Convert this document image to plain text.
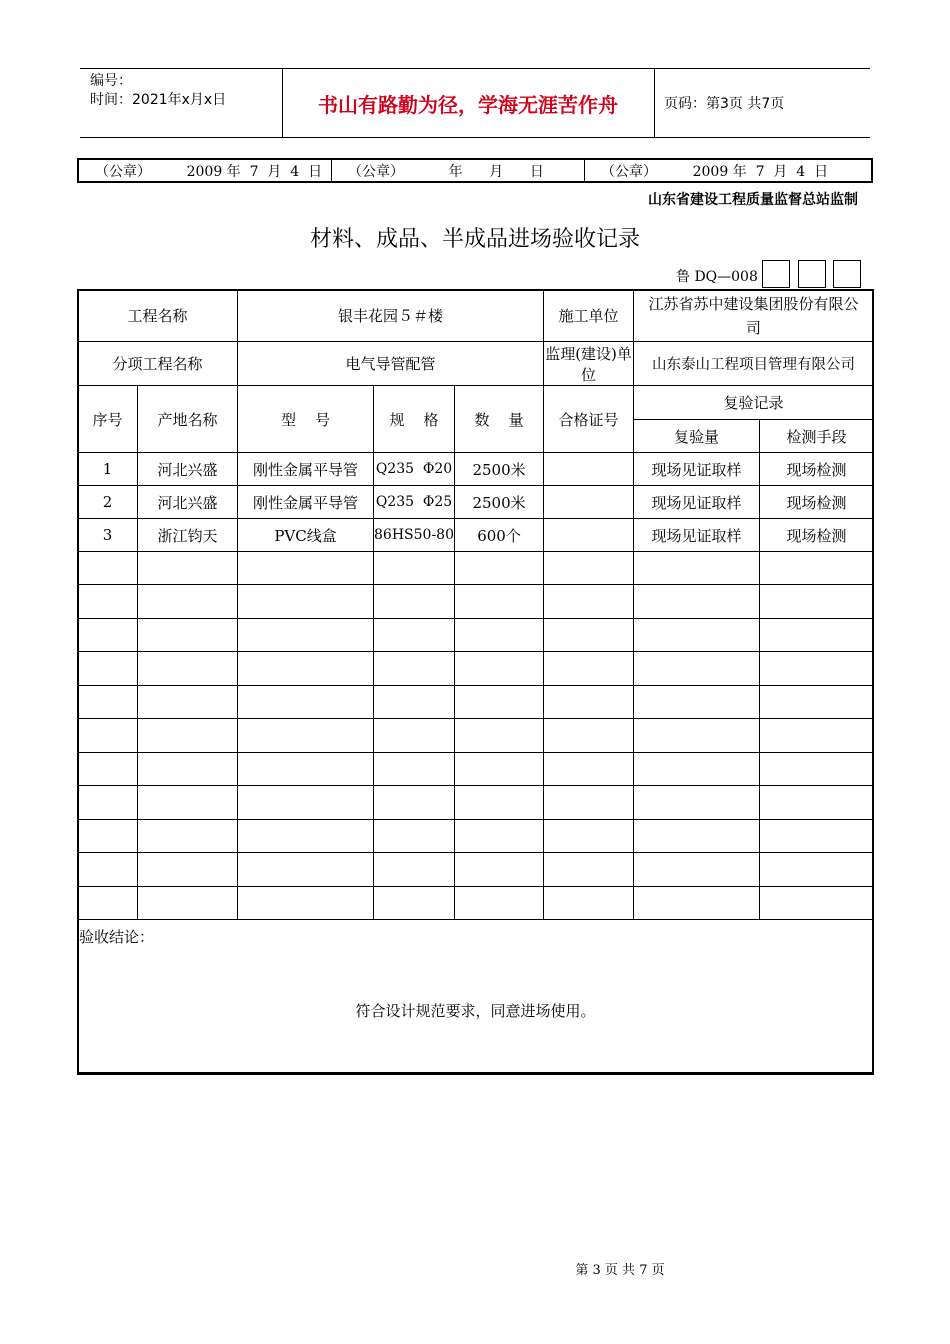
编号：
时间：2021年x月x日	书山有路勤为径，学海无涯苦作舟	页码：第3页 共7页
（公章）        2009 年  7  月  4  日	（公章）          年      月      日	（公章）        2009 年  7  月  4  日
山东省建设工程质量监督总站监制
材料、成品、半成品进场验收记录
鲁 DQ—008
工程名称		银丰花园５＃楼			施工单位	江苏省苏中建设集团股份有限公司	
分项工程名称		电气导管配管			监理(建设)单位	山东泰山工程项目管理有限公司	
序号	产地名称	型    号	规    格	数    量	合格证号	复验记录	
						复验量	检测手段
1	河北兴盛	刚性金属平导管	Q235  Φ20	2500米		现场见证取样	现场检测
2	河北兴盛	刚性金属平导管	Q235  Φ25	2500米		现场见证取样	现场检测
3	浙江钧天	PVC线盒	86HS50-80	600个		现场见证取样	现场检测

验收结论：
符合设计规范要求，同意进场使用。							
第 3 页 共 7 页
